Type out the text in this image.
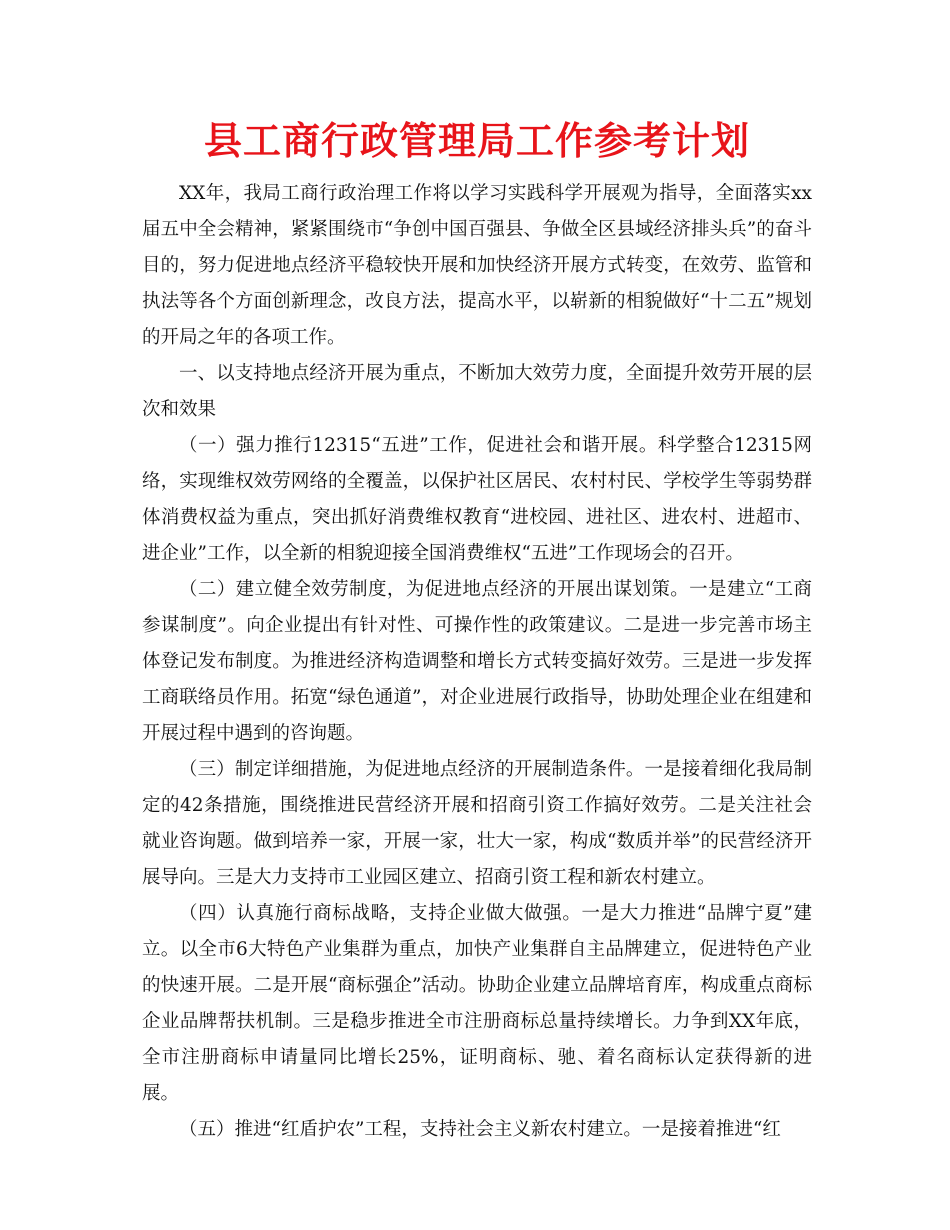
县工商行政管理局工作参考计划

XX年，我局工商行政治理工作将以学习实践科学开展观为指导，全面落实xx届五中全会精神，紧紧围绕市“争创中国百强县、争做全区县域经济排头兵”的奋斗目的，努力促进地点经济平稳较快开展和加快经济开展方式转变，在效劳、监管和执法等各个方面创新理念，改良方法，提高水平，以崭新的相貌做好“十二五”规划的开局之年的各项工作。

一、以支持地点经济开展为重点，不断加大效劳力度，全面提升效劳开展的层次和效果

（一）强力推行12315“五进”工作，促进社会和谐开展。科学整合12315网络，实现维权效劳网络的全覆盖，以保护社区居民、农村村民、学校学生等弱势群体消费权益为重点，突出抓好消费维权教育“进校园、进社区、进农村、进超市、进企业”工作，以全新的相貌迎接全国消费维权“五进”工作现场会的召开。

（二）建立健全效劳制度，为促进地点经济的开展出谋划策。一是建立“工商参谋制度”。向企业提出有针对性、可操作性的政策建议。二是进一步完善市场主体登记发布制度。为推进经济构造调整和增长方式转变搞好效劳。三是进一步发挥工商联络员作用。拓宽“绿色通道”，对企业进展行政指导，协助处理企业在组建和开展过程中遇到的咨询题。

（三）制定详细措施，为促进地点经济的开展制造条件。一是接着细化我局制定的42条措施，围绕推进民营经济开展和招商引资工作搞好效劳。二是关注社会就业咨询题。做到培养一家，开展一家，壮大一家，构成“数质并举”的民营经济开展导向。三是大力支持市工业园区建立、招商引资工程和新农村建立。

（四）认真施行商标战略，支持企业做大做强。一是大力推进“品牌宁夏”建立。以全市6大特色产业集群为重点，加快产业集群自主品牌建立，促进特色产业的快速开展。二是开展“商标强企”活动。协助企业建立品牌培育库，构成重点商标企业品牌帮扶机制。三是稳步推进全市注册商标总量持续增长。力争到XX年底，全市注册商标申请量同比增长25%，证明商标、驰、着名商标认定获得新的进展。

（五）推进“红盾护农”工程，支持社会主义新农村建立。一是接着推进“红
